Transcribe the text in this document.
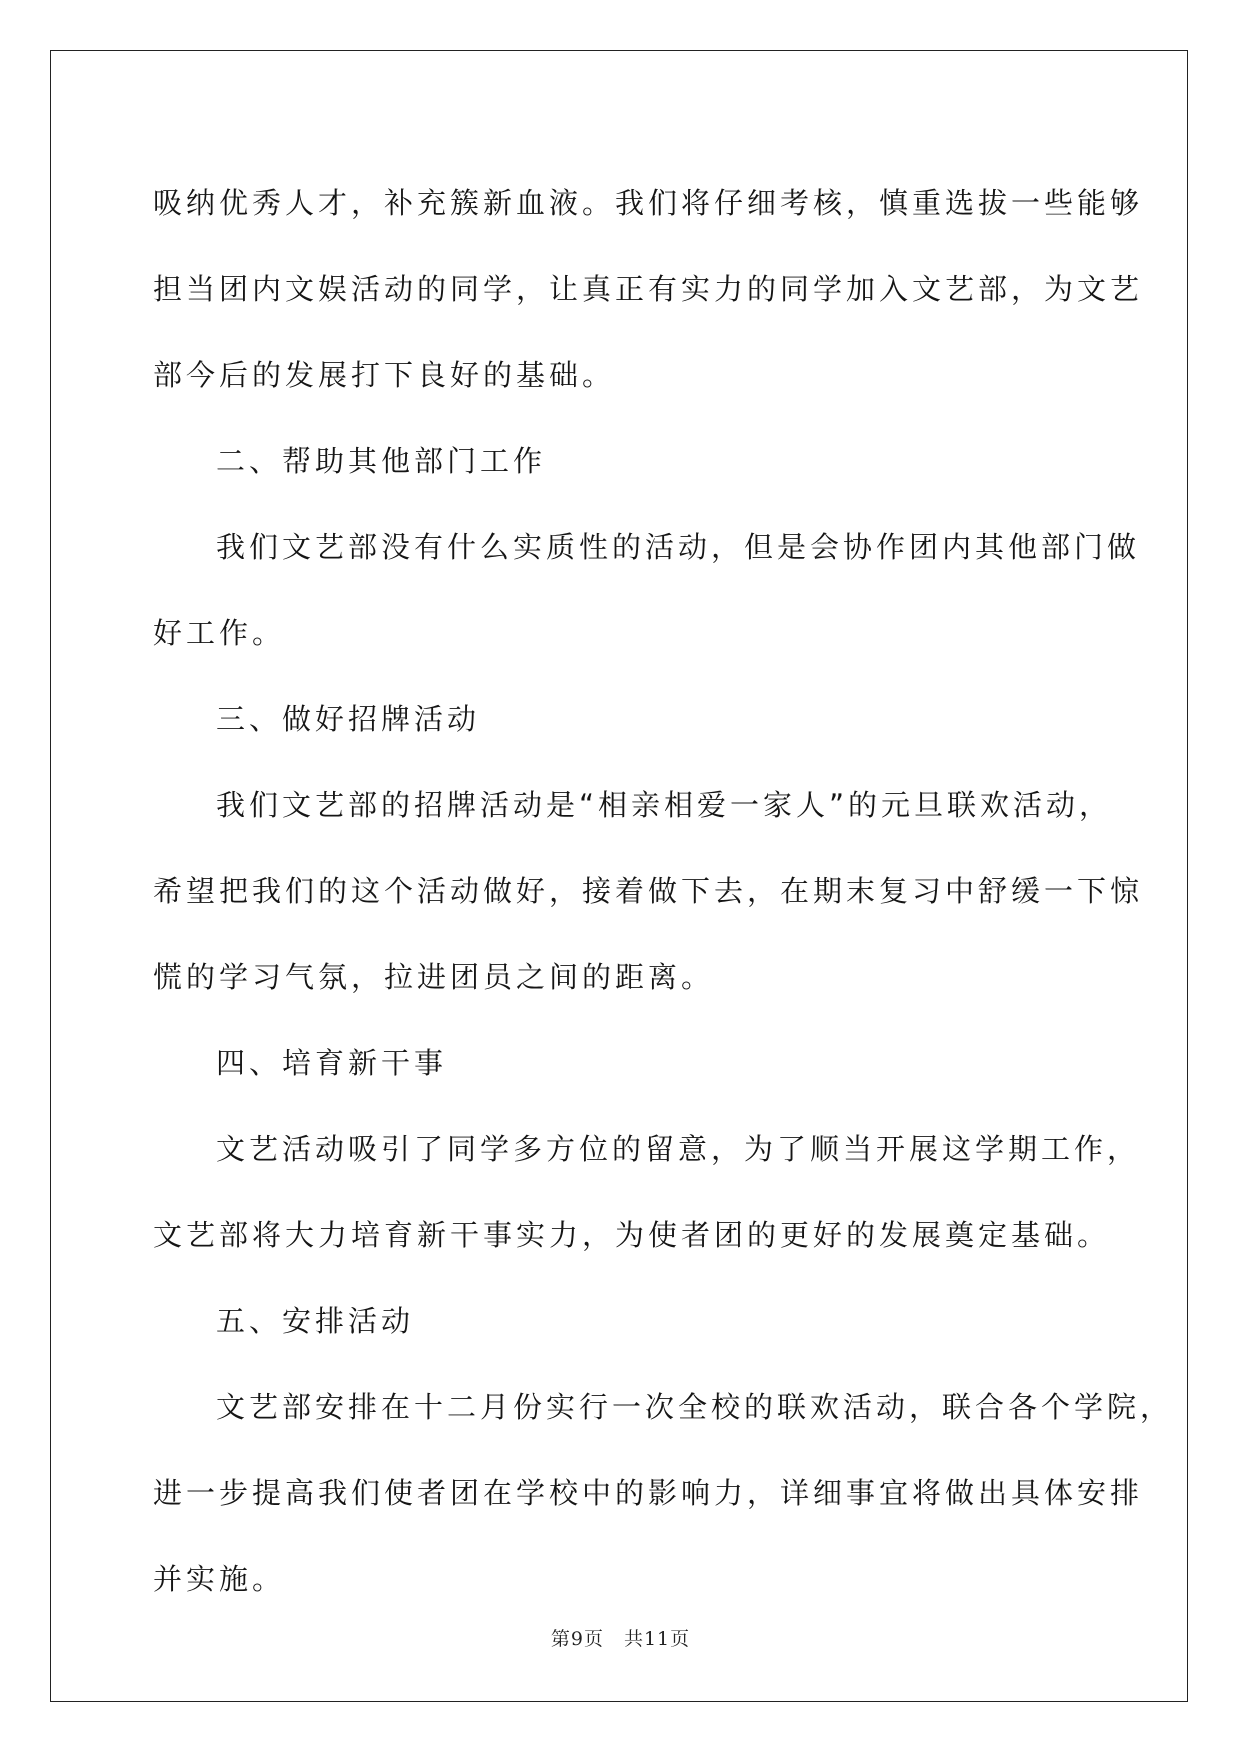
吸纳优秀人才，补充簇新血液。我们将仔细考核，慎重选拔一些能够
担当团内文娱活动的同学，让真正有实力的同学加入文艺部，为文艺
部今后的发展打下良好的基础。

二、帮助其他部门工作

我们文艺部没有什么实质性的活动，但是会协作团内其他部门做
好工作。

三、做好招牌活动

我们文艺部的招牌活动是“相亲相爱一家人”的元旦联欢活动，
希望把我们的这个活动做好，接着做下去，在期末复习中舒缓一下惊
慌的学习气氛，拉进团员之间的距离。

四、培育新干事

文艺活动吸引了同学多方位的留意，为了顺当开展这学期工作，
文艺部将大力培育新干事实力，为使者团的更好的发展奠定基础。

五、安排活动

文艺部安排在十二月份实行一次全校的联欢活动，联合各个学院，
进一步提高我们使者团在学校中的影响力，详细事宜将做出具体安排
并实施。

第9页 共11页
